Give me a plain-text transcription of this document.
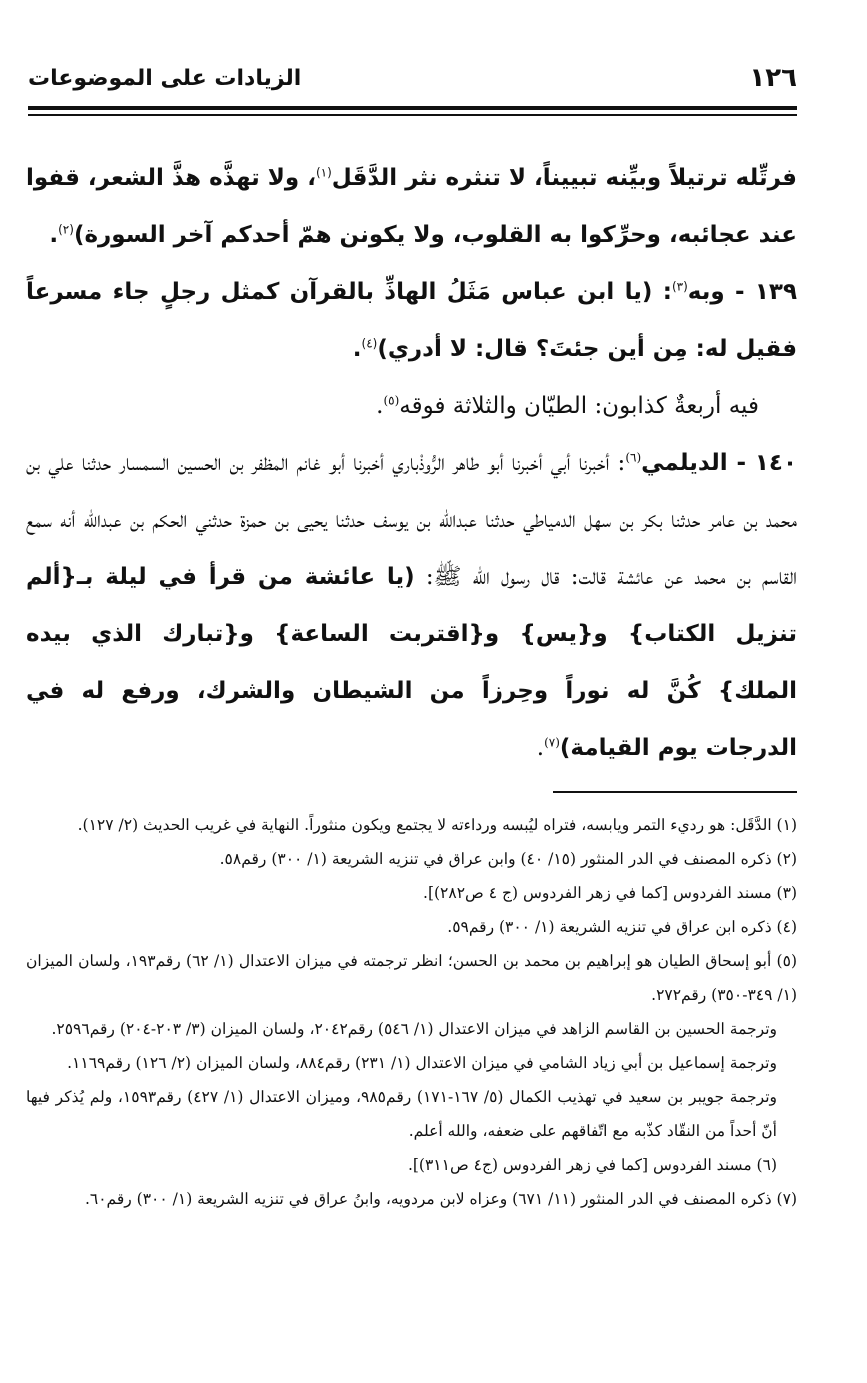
١٢٦
الزيادات على الموضوعات

فرتِّله ترتيلاً وبيِّنه تبييناً، لا تنثره نثر الدَّقَل$^{(١)}$، ولا تهذَّه هذَّ الشعر، قفوا عند عجائبه، وحرِّكوا به القلوب، ولا يكونن همّ أحدكم آخر السورة)$^{(٢)}$.

١٣٩ - وبه$^{(٣)}$: (يا ابن عباس مَثَلُ الهاذِّ بالقرآن كمثل رجلٍ جاء مسرعاً فقيل له: مِن أين جئتَ؟ قال: لا أدري)$^{(٤)}$.

فيه أربعةٌ كذابون: الطيّان والثلاثة فوقه$^{(٥)}$.

١٤٠ - الديلمي$^{(٦)}$: أخبرنا أبي أخبرنا أبو طاهر الرُّوذْباري أخبرنا أبو غانم المظفر بن الحسين السمسار حدثنا علي بن محمد بن عامر حدثنا بكر بن سهل الدمياطي حدثنا عبدالله بن يوسف حدثنا يحيى بن حمزة حدثني الحكم بن عبدالله أنه سمع القاسم بن محمد عن عائشة قالت: قال رسول الله ﷺ: (يا عائشة من قرأ في ليلة بـ{ألم تنزيل الكتاب} و{يس} و{اقتربت الساعة} و{تبارك الذي بيده الملك} كُنَّ له نوراً وحِرزاً من الشيطان والشرك، ورفع له في الدرجات يوم القيامة)$^{(٧)}$.

(١) الدَّقَل: هو رديء التمر ويابسه، فتراه ليُبسه ورداءته لا يجتمع ويكون منثوراً. النهاية في غريب الحديث (٢/ ١٢٧).

(٢) ذكره المصنف في الدر المنثور (١٥/ ٤٠) وابن عراق في تنزيه الشريعة (١/ ٣٠٠) رقم٥٨.

(٣) مسند الفردوس [كما في زهر الفردوس (ج ٤ ص٢٨٢)].

(٤) ذكره ابن عراق في تنزيه الشريعة (١/ ٣٠٠) رقم٥٩.

(٥) أبو إسحاق الطيان هو إبراهيم بن محمد بن الحسن؛ انظر ترجمته في ميزان الاعتدال (١/ ٦٢) رقم١٩٣، ولسان الميزان (١/ ٣٤٩-٣٥٠) رقم٢٧٢.

وترجمة الحسين بن القاسم الزاهد في ميزان الاعتدال (١/ ٥٤٦) رقم٢٠٤٢، ولسان الميزان (٣/ ٢٠٣-٢٠٤) رقم٢٥٩٦.

وترجمة إسماعيل بن أبي زياد الشامي في ميزان الاعتدال (١/ ٢٣١) رقم٨٨٤، ولسان الميزان (٢/ ١٢٦) رقم١١٦٩.

وترجمة جويبر بن سعيد في تهذيب الكمال (٥/ ١٦٧-١٧١) رقم٩٨٥، وميزان الاعتدال (١/ ٤٢٧) رقم١٥٩٣، ولم يُذكر فيها أنّ أحداً من النقّاد كذّبه مع اتّفاقهم على ضعفه، والله أعلم.

(٦) مسند الفردوس [كما في زهر الفردوس (ج٤ ص٣١١)].

(٧) ذكره المصنف في الدر المنثور (١١/ ٦٧١) وعزاه لابن مردويه، وابنُ عراق في تنزيه الشريعة (١/ ٣٠٠) رقم٦٠.
